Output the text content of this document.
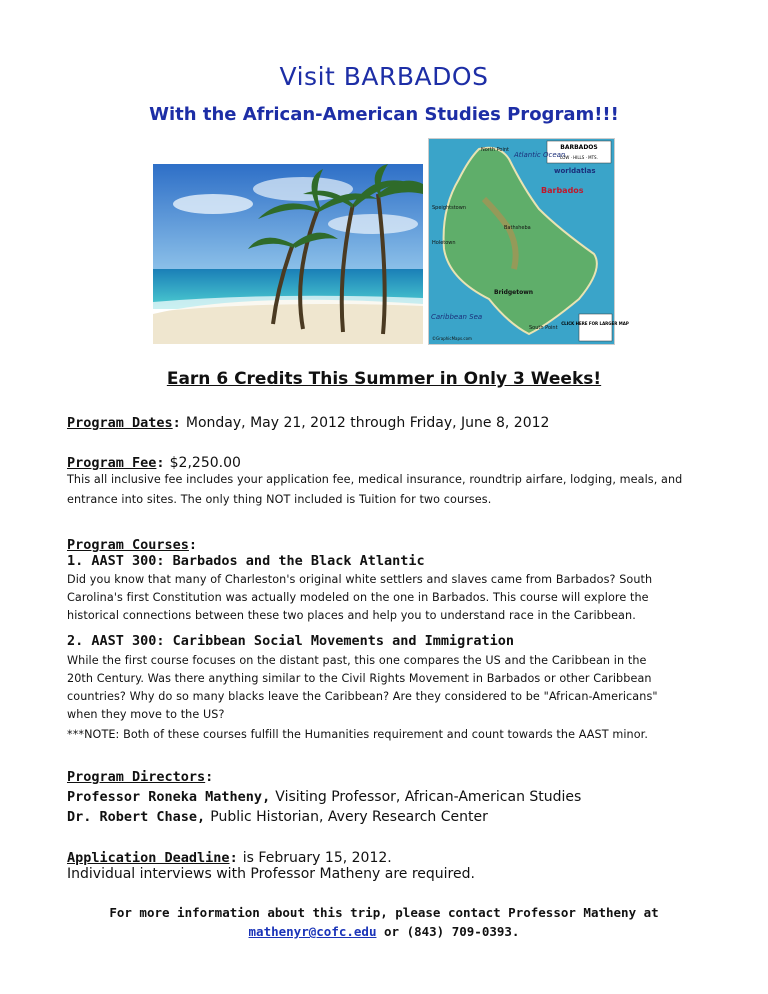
Visit BARBADOS
With the African-American Studies Program!!!
BARBADOS
LOW · HILLS · MTS.
worldatlas
Barbados
Atlantic Ocean
Caribbean Sea
Bridgetown
Holetown
Speightstown
North Point
Bathsheba
South Point
CLICK HERE FOR LARGER MAP
©GraphicMaps.com
Earn 6 Credits This Summer in Only 3 Weeks!
Program Dates: Monday, May 21, 2012 through Friday, June 8, 2012
Program Fee: $2,250.00
This all inclusive fee includes your application fee, medical insurance, roundtrip airfare, lodging, meals, and
entrance into sites. The only thing NOT included is Tuition for two courses.
Program Courses:
1. AAST 300: Barbados and the Black Atlantic
Did you know that many of Charleston's original white settlers and slaves came from Barbados? South
Carolina's first Constitution was actually modeled on the one in Barbados. This course will explore the
historical connections between these two places and help you to understand race in the Caribbean.
2. AAST 300: Caribbean Social Movements and Immigration
While the first course focuses on the distant past, this one compares the US and the Caribbean in the
20th Century. Was there anything similar to the Civil Rights Movement in Barbados or other Caribbean
countries? Why do so many blacks leave the Caribbean? Are they considered to be "African-Americans"
when they move to the US?
***NOTE: Both of these courses fulfill the Humanities requirement and count towards the AAST minor.
Program Directors:
Professor Roneka Matheny, Visiting Professor, African-American Studies
Dr. Robert Chase, Public Historian, Avery Research Center
Application Deadline: is February 15, 2012.
Individual interviews with Professor Matheny are required.
For more information about this trip, please contact Professor Matheny at
mathenyr@cofc.edu or (843) 709-0393.
